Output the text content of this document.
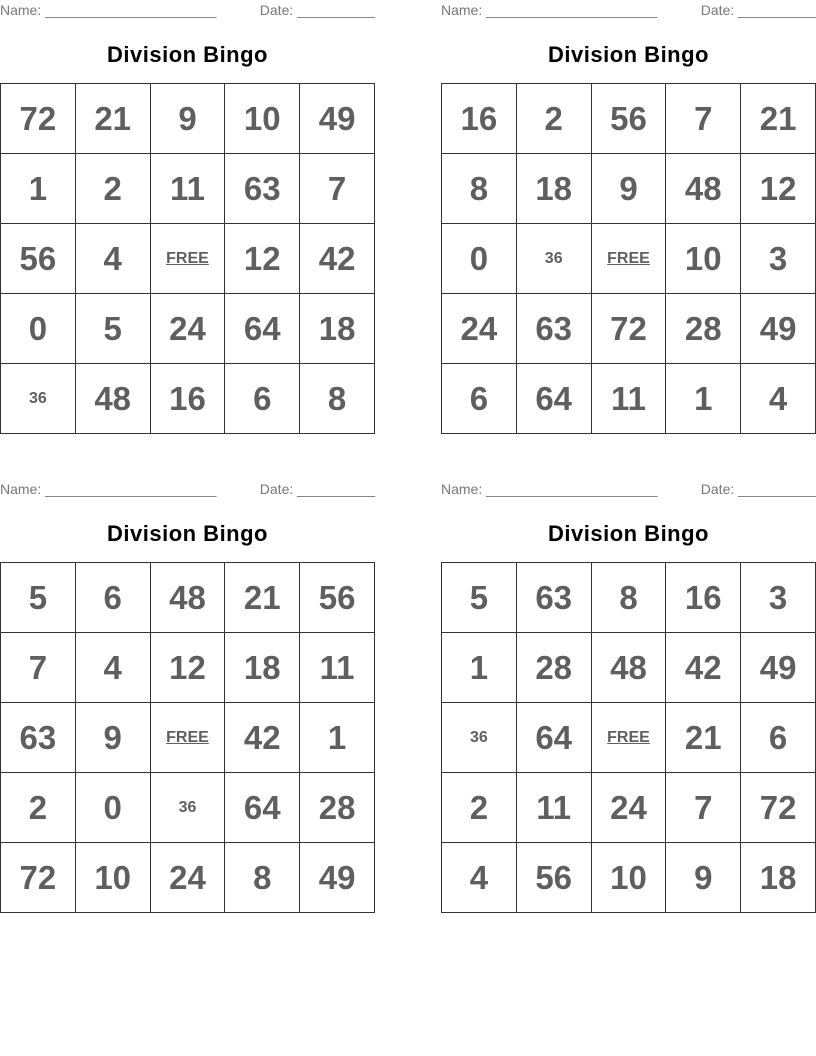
Name: ______________________	Date: __________
Division Bingo
72	21	9	10	49
1	2	11	63	7
56	4	FREE	12	42
0	5	24	64	18
36	48	16	6	8
Name: ______________________	Date: __________
Division Bingo
16	2	56	7	21
8	18	9	48	12
0	36	FREE	10	3
24	63	72	28	49
6	64	11	1	4
Name: ______________________	Date: __________
Division Bingo
5	6	48	21	56
7	4	12	18	11
63	9	FREE	42	1
2	0	36	64	28
72	10	24	8	49
Name: ______________________	Date: __________
Division Bingo
5	63	8	16	3
1	28	48	42	49
36	64	FREE	21	6
2	11	24	7	72
4	56	10	9	18
